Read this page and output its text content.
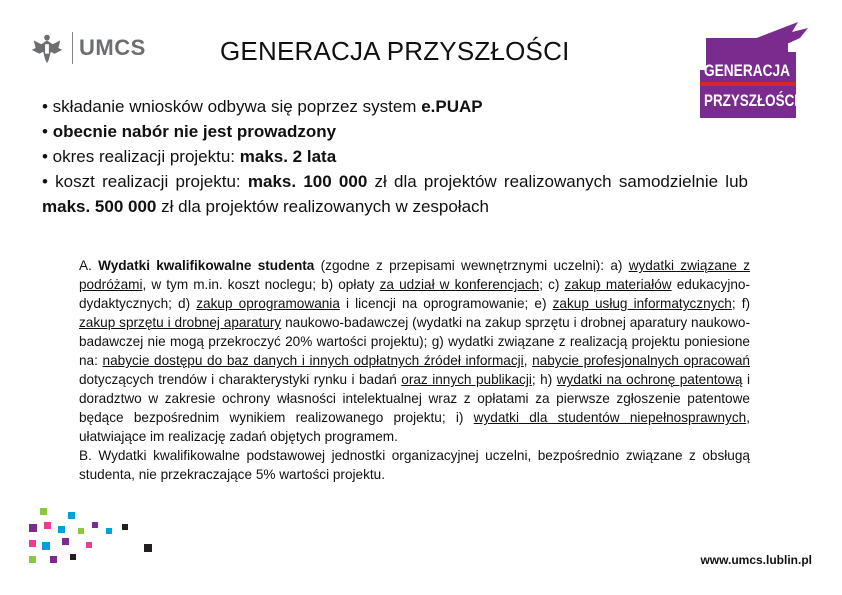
UMCS	GENERACJA PRZYSZŁOŚCI
GENERACJA
PRZYSZŁOŚCI

• składanie wniosków odbywa się poprzez system e.PUAP

• obecnie nabór nie jest prowadzony

• okres realizacji projektu: maks. 2 lata

• koszt realizacji projektu: maks. 100 000 zł dla projektów realizowanych samodzielnie lub maks. 500 000 zł dla projektów realizowanych w zespołach

A. Wydatki kwalifikowalne studenta (zgodne z przepisami wewnętrznymi uczelni): a) wydatki związane z podróżami, w tym m.in. koszt noclegu; b) opłaty za udział w konferencjach; c) zakup materiałów edukacyjno-dydaktycznych; d) zakup oprogramowania i licencji na oprogramowanie; e) zakup usług informatycznych; f) zakup sprzętu i drobnej aparatury naukowo-badawczej (wydatki na zakup sprzętu i drobnej aparatury naukowo-badawczej nie mogą przekroczyć 20% wartości projektu); g) wydatki związane z realizacją projektu poniesione na: nabycie dostępu do baz danych i innych odpłatnych źródeł informacji, nabycie profesjonalnych opracowań dotyczących trendów i charakterystyki rynku i badań oraz innych publikacji; h) wydatki na ochronę patentową i doradztwo w zakresie ochrony własności intelektualnej wraz z opłatami za pierwsze zgłoszenie patentowe będące bezpośrednim wynikiem realizowanego projektu; i) wydatki dla studentów niepełnosprawnych, ułatwiające im realizację zadań objętych programem.

B. Wydatki kwalifikowalne podstawowej jednostki organizacyjnej uczelni, bezpośrednio związane z obsługą studenta, nie przekraczające 5% wartości projektu.

www.umcs.lublin.pl
